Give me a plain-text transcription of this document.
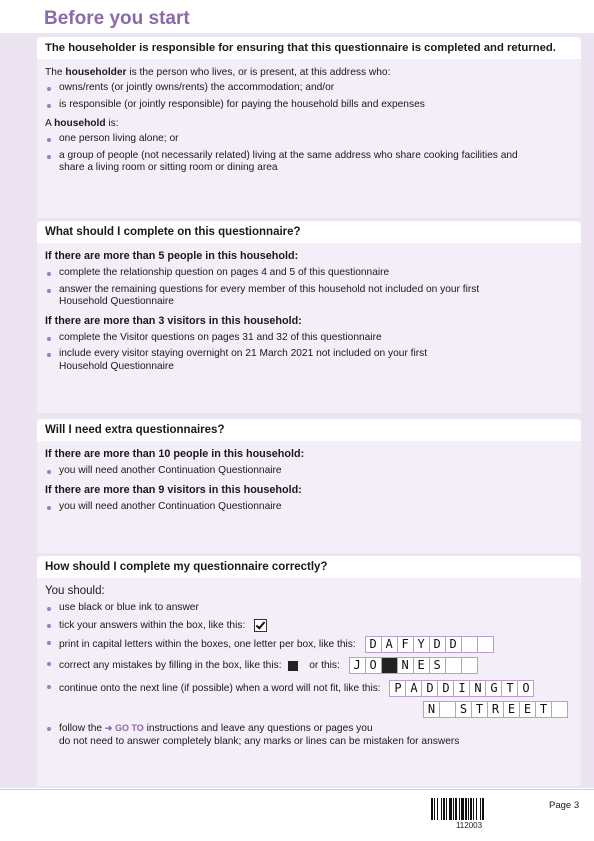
Before you start
The householder is responsible for ensuring that this questionnaire is completed and returned.

The householder is the person who lives, or is present, at this address who:

owns/rents (or jointly owns/rents) the accommodation; and/or
is responsible (or jointly responsible) for paying the household bills and expenses

A household is:

one person living alone; or
a group of people (not necessarily related) living at the same address who share cooking facilities and share a living room or sitting room or dining area
What should I complete on this questionnaire?

If there are more than 5 people in this household:

complete the relationship question on pages 4 and 5 of this questionnaire
answer the remaining questions for every member of this household not included on your first Household Questionnaire

If there are more than 3 visitors in this household:

complete the Visitor questions on pages 31 and 32 of this questionnaire
include every visitor staying overnight on 21 March 2021 not included on your first Household Questionnaire
Will I need extra questionnaires?

If there are more than 10 people in this household:

you will need another Continuation Questionnaire

If there are more than 9 visitors in this household:

you will need another Continuation Questionnaire
How should I complete my questionnaire correctly?

You should:

use black or blue ink to answer
tick your answers within the box, like this:
print in capital letters within the boxes, one letter per box, like this:	D A F Y D D
correct any mistakes by filling in the box, like this:	or this:	J O S N E S
continue onto the next line (if possible) when a word will not fit, like this:	P A D D I N G T O
N	S T R E E T
follow the ➜ GO TO instructions and leave any questions or pages you
do not need to answer completely blank; any marks or lines can be mistaken for answers
112003
Page 3
